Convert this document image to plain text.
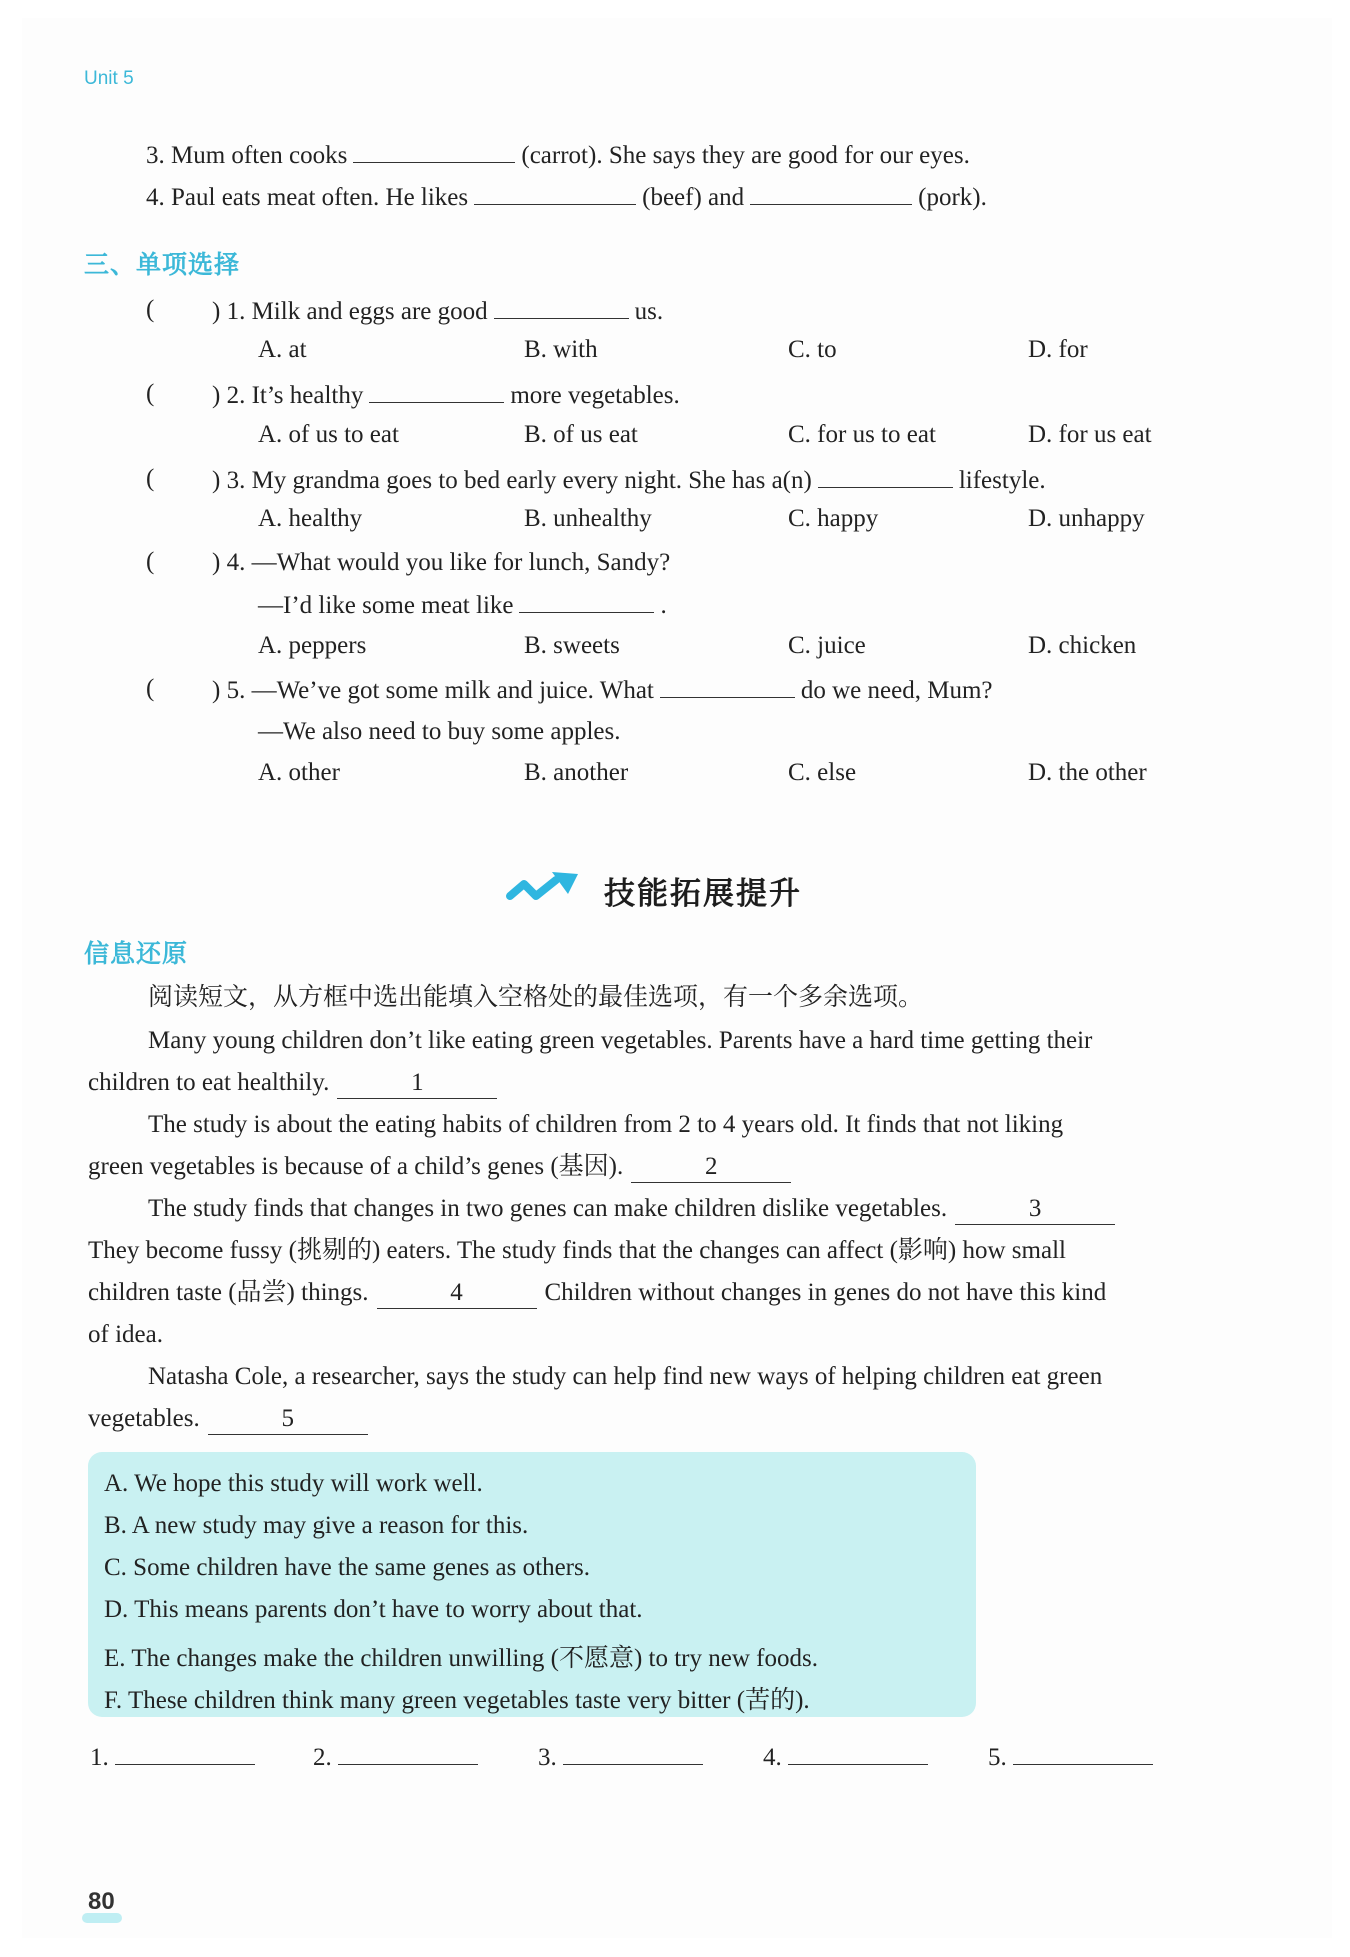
Unit 5
3. Mum often cooks	(carrot). She says they are good for our eyes.
4. Paul eats meat often. He likes	(beef) and	(pork).
三、单项选择
( ) 1. Milk and eggs are good	us.
A. at	B. with	C. to	D. for
( ) 2. It’s healthy	more vegetables.
A. of us to eat	B. of us eat	C. for us to eat	D. for us eat
( ) 3. My grandma goes to bed early every night. She has a(n)	lifestyle.
A. healthy	B. unhealthy	C. happy	D. unhappy
( ) 4. —What would you like for lunch, Sandy?
—I’d like some meat like	.
A. peppers	B. sweets	C. juice	D. chicken
( ) 5. —We’ve got some milk and juice. What	do we need, Mum?
—We also need to buy some apples.
A. other	B. another	C. else	D. the other
技能拓展提升
信息还原
阅读短文，从方框中选出能填入空格处的最佳选项，有一个多余选项。
Many young children don’t like eating green vegetables. Parents have a hard time getting their
children to eat healthily.	1
The study is about the eating habits of children from 2 to 4 years old. It finds that not liking
green vegetables is because of a child’s genes (基因).	2
The study finds that changes in two genes can make children dislike vegetables.	3
They become fussy (挑剔的) eaters. The study finds that the changes can affect (影响) how small
children taste (品尝) things.	4	Children without changes in genes do not have this kind
of idea.
Natasha Cole, a researcher, says the study can help find new ways of helping children eat green
vegetables.	5
A. We hope this study will work well.
B. A new study may give a reason for this.
C. Some children have the same genes as others.
D. This means parents don’t have to worry about that.
E. The changes make the children unwilling (不愿意) to try new foods.
F. These children think many green vegetables taste very bitter (苦的).
1.	2.	3.	4.	5.
80
